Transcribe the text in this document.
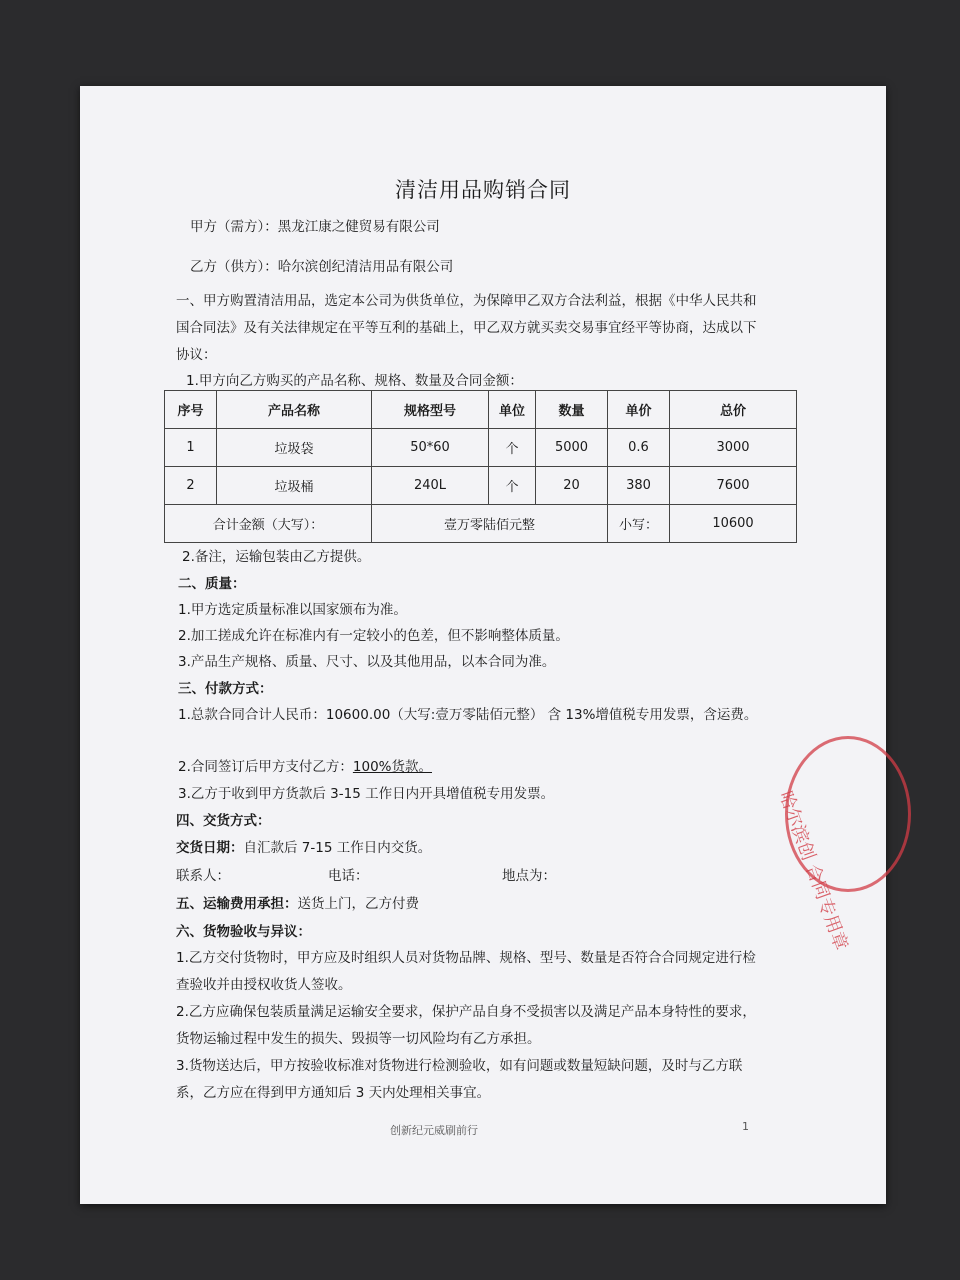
清洁用品购销合同
甲方（需方）：黑龙江康之健贸易有限公司
乙方（供方）：哈尔滨创纪清洁用品有限公司
一、甲方购置清洁用品，选定本公司为供货单位，为保障甲乙双方合法利益，根据《中华人民共和国合同法》及有关法律规定在平等互利的基础上，甲乙双方就买卖交易事宜经平等协商，达成以下协议：
1.甲方向乙方购买的产品名称、规格、数量及合同金额：
序号	产品名称	规格型号	单位	数量	单价	总价
1	垃圾袋	50*60	个	5000	0.6	3000
2	垃圾桶	240L	个	20	380	7600
合计金额（大写）：		壹万零陆佰元整			小写：	10600
2.备注，运输包装由乙方提供。
二、质量：
1.甲方选定质量标准以国家颁布为准。
2.加工搓成允许在标准内有一定较小的色差，但不影响整体质量。
3.产品生产规格、质量、尺寸、以及其他用品，以本合同为准。
三、付款方式：
1.总款合同合计人民币：10600.00（大写:壹万零陆佰元整） 含 13%增值税专用发票，含运费。
2.合同签订后甲方支付乙方：100%货款。
3.乙方于收到甲方货款后 3-15 工作日内开具增值税专用发票。
四、交货方式：
交货日期：自汇款后 7-15 工作日内交货。
联系人：	电话：	地点为：
五、运输费用承担：送货上门，乙方付费
六、货物验收与异议：
1.乙方交付货物时，甲方应及时组织人员对货物品牌、规格、型号、数量是否符合合同规定进行检查验收并由授权收货人签收。
2.乙方应确保包装质量满足运输安全要求，保护产品自身不受损害以及满足产品本身特性的要求，货物运输过程中发生的损失、毁损等一切风险均有乙方承担。
3.货物送达后，甲方按验收标准对货物进行检测验收，如有问题或数量短缺问题，及时与乙方联系，乙方应在得到甲方通知后 3 天内处理相关事宜。
创新纪元威刷前行	1
哈尔滨创 合同专用章
